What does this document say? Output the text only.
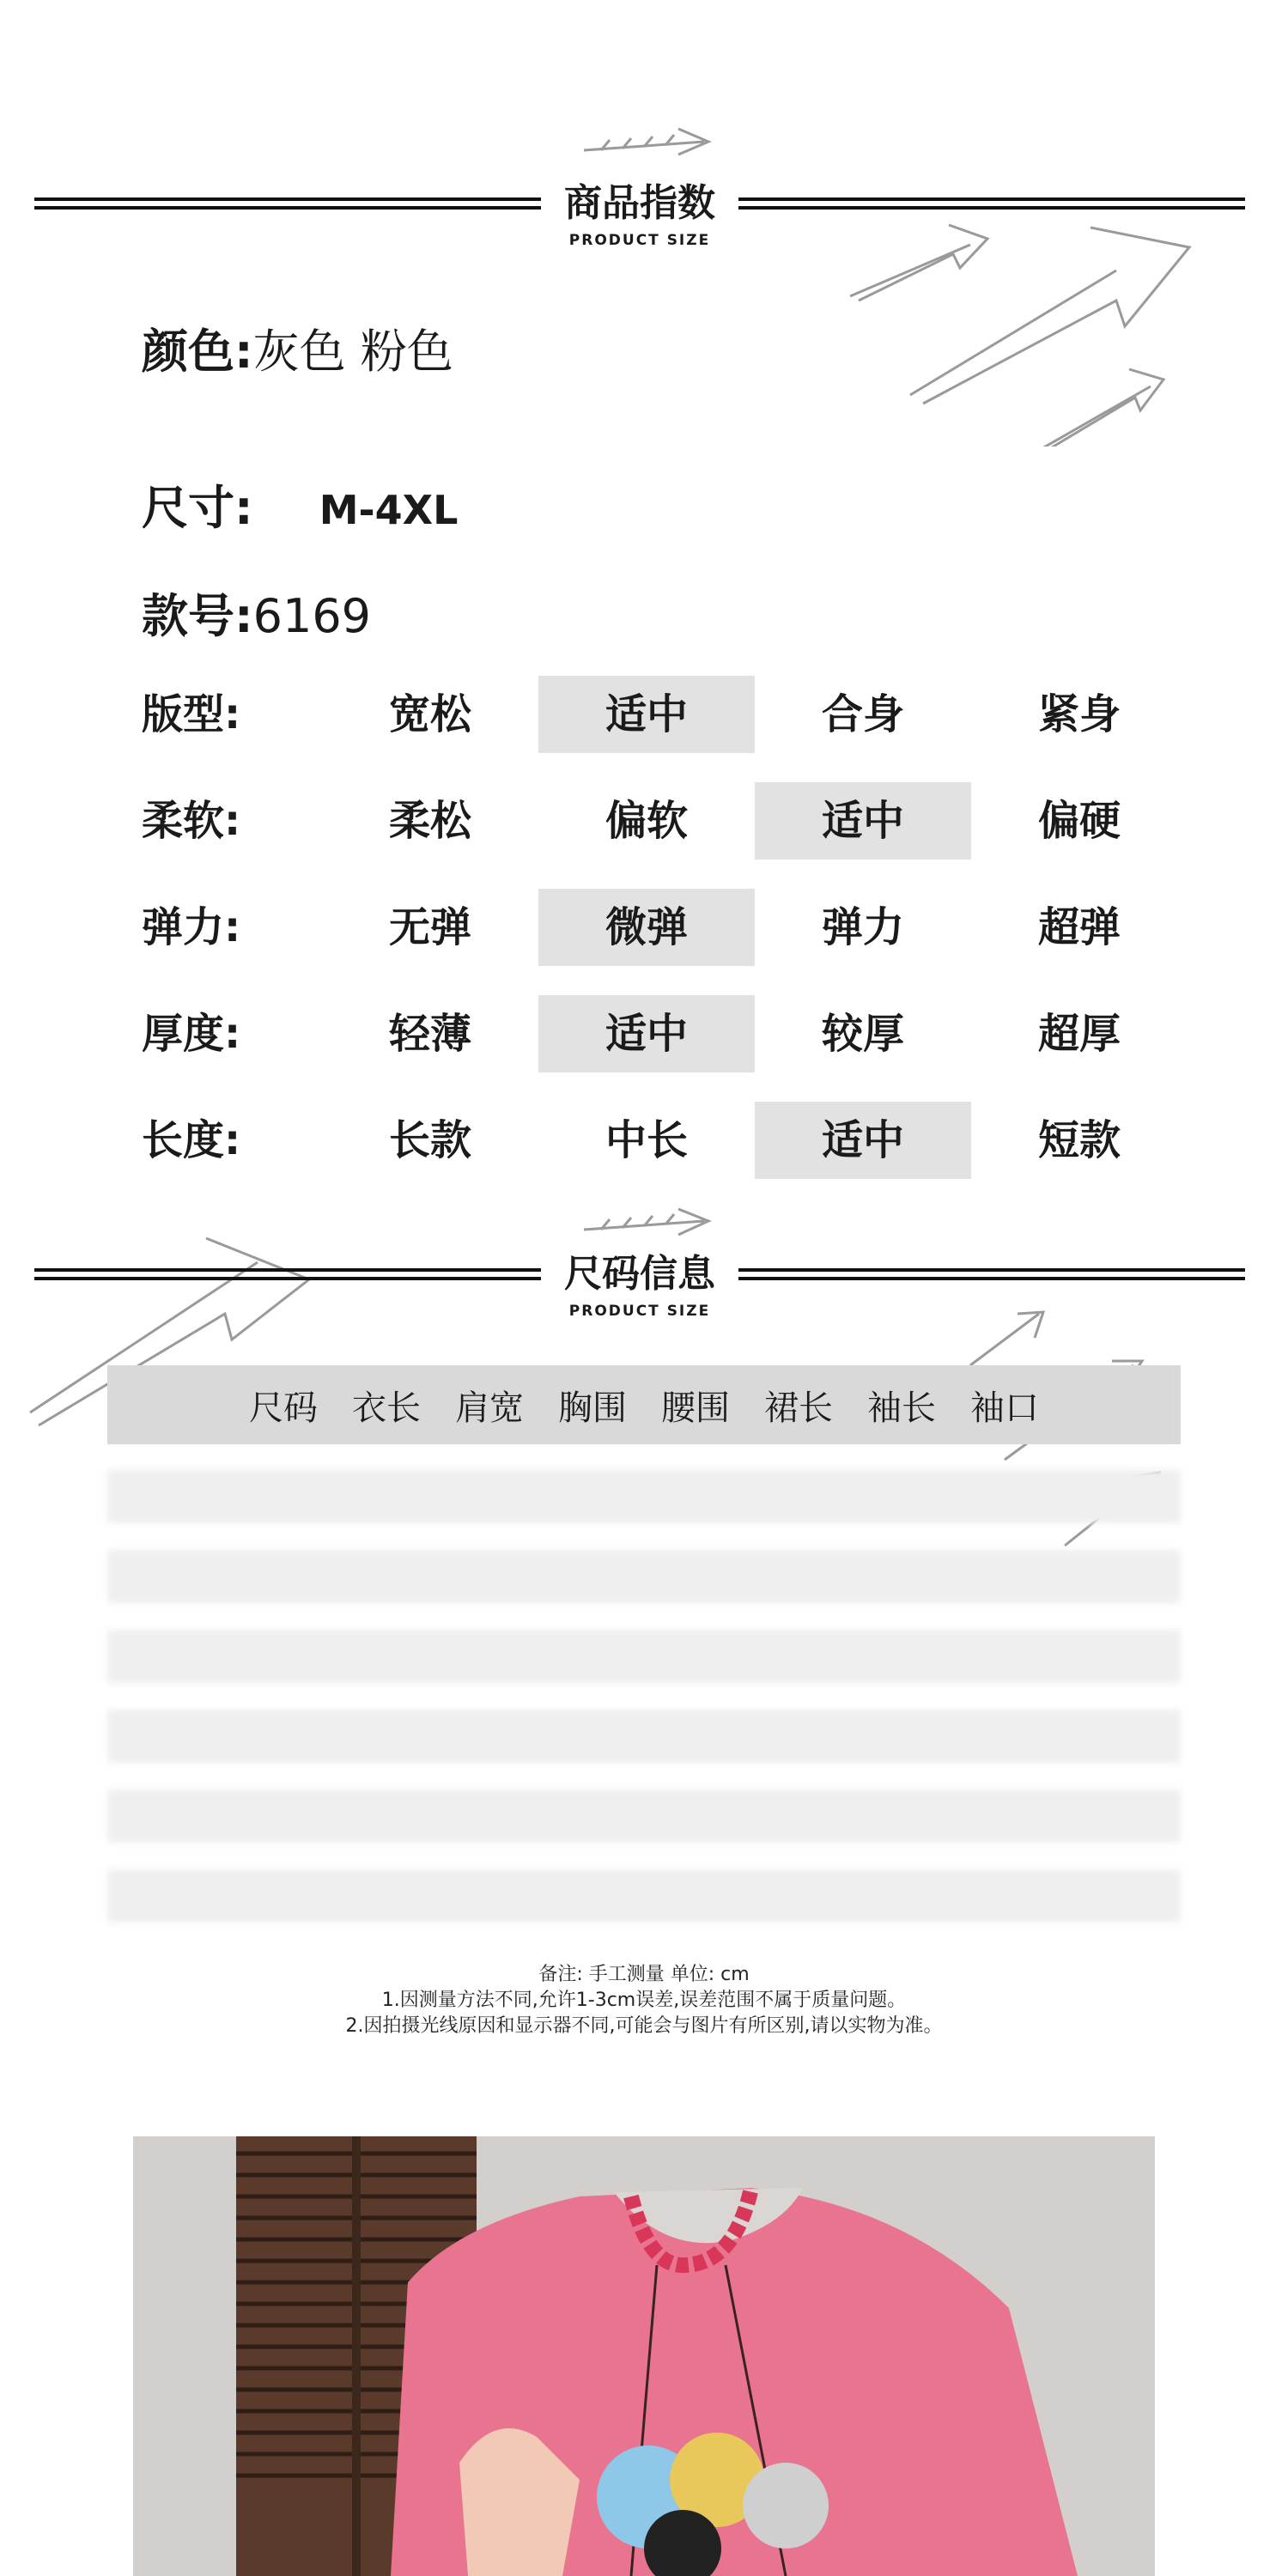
商品指数
PRODUCT SIZE
颜色:灰色 粉色
尺寸: M-4XL
款号:6169
版型:	宽松	适中	合身	紧身
柔软:	柔松	偏软	适中	偏硬
弹力:	无弹	微弹	弹力	超弹
厚度:	轻薄	适中	较厚	超厚
长度:	长款	中长	适中	短款
尺码信息
PRODUCT SIZE
尺码 衣长 肩宽 胸围 腰围 裙长 袖长 袖口
备注: 手工测量 单位: cm
1.因测量方法不同,允许1-3cm误差,误差范围不属于质量问题。
2.因拍摄光线原因和显示器不同,可能会与图片有所区别,请以实物为准。
